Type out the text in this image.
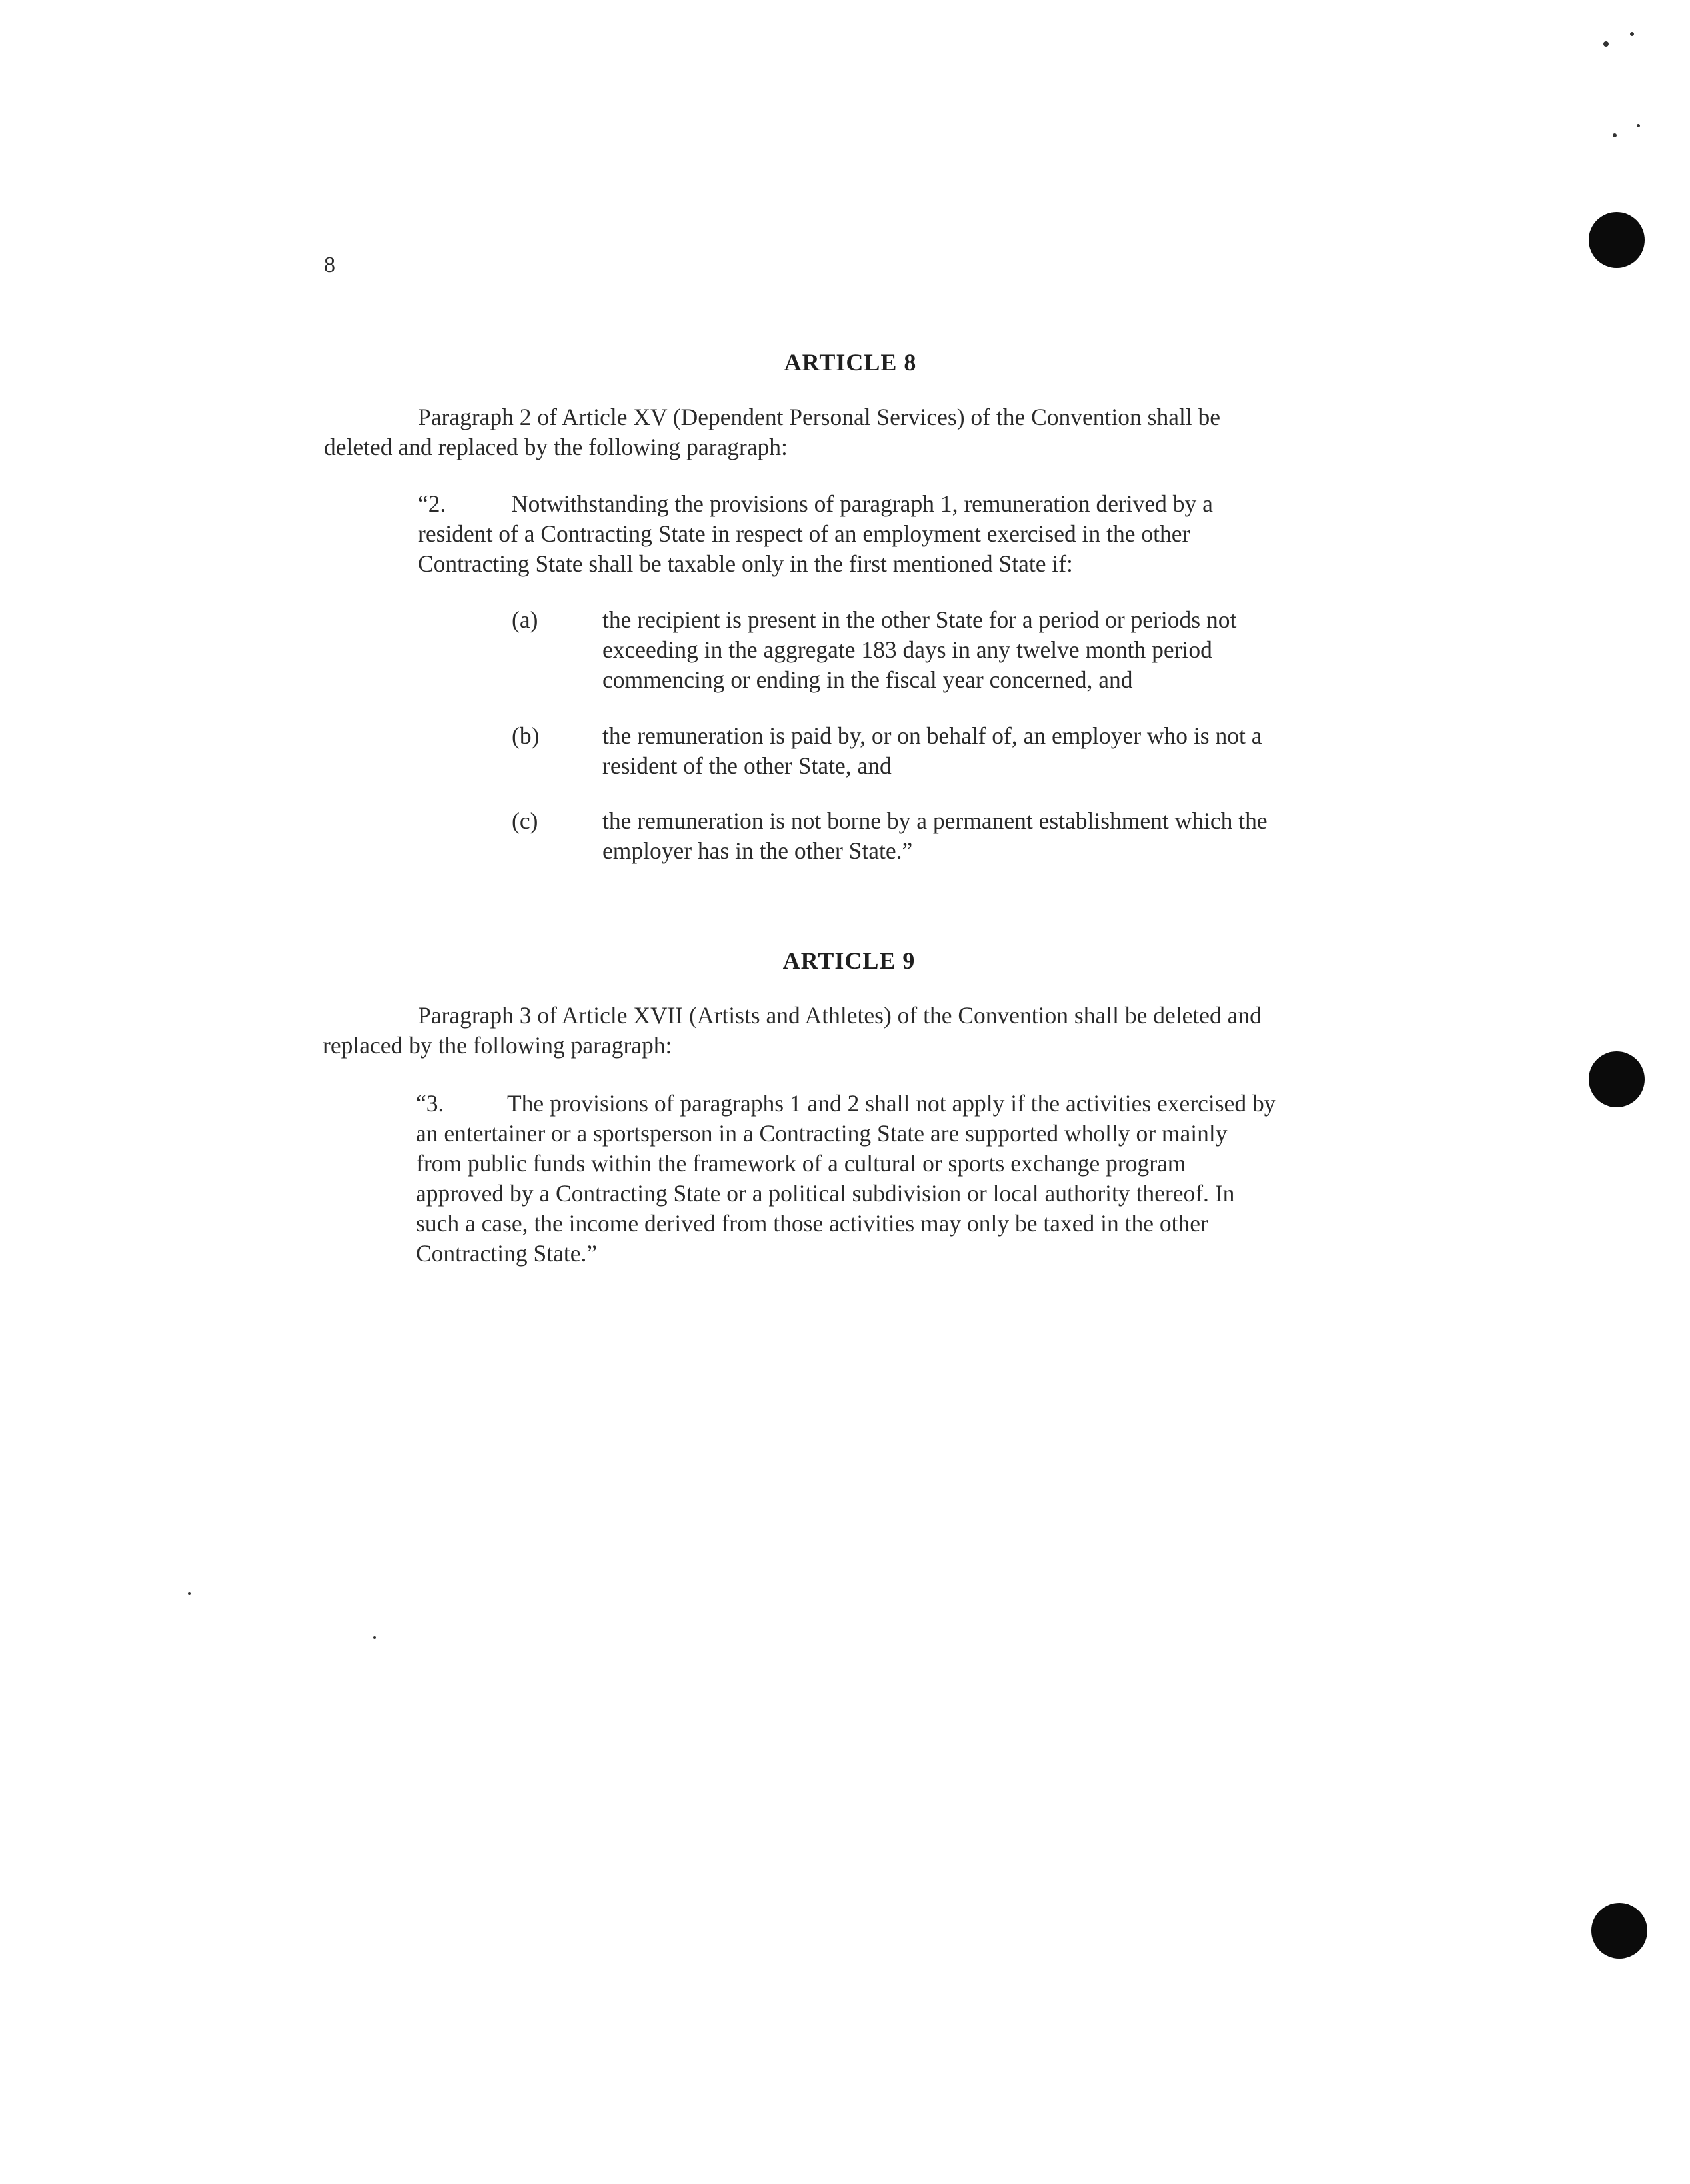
8
ARTICLE 8
Paragraph 2 of Article XV (Dependent Personal Services) of the Convention shall be
deleted and replaced by the following paragraph:
“2.	Notwithstanding the provisions of paragraph 1, remuneration derived by a
resident of a Contracting State in respect of an employment exercised in the other
Contracting State shall be taxable only in the first mentioned State if:
(a)	the recipient is present in the other State for a period or periods not
exceeding in the aggregate 183 days in any twelve month period
commencing or ending in the fiscal year concerned, and
(b)	the remuneration is paid by, or on behalf of, an employer who is not a
resident of the other State, and
(c)	the remuneration is not borne by a permanent establishment which the
employer has in the other State.”
ARTICLE 9
Paragraph 3 of Article XVII (Artists and Athletes) of the Convention shall be deleted and
replaced by the following paragraph:
“3.	The provisions of paragraphs 1 and 2 shall not apply if the activities exercised by
an entertainer or a sportsperson in a Contracting State are supported wholly or mainly
from public funds within the framework of a cultural or sports exchange program
approved by a Contracting State or a political subdivision or local authority thereof. In
such a case, the income derived from those activities may only be taxed in the other
Contracting State.”
